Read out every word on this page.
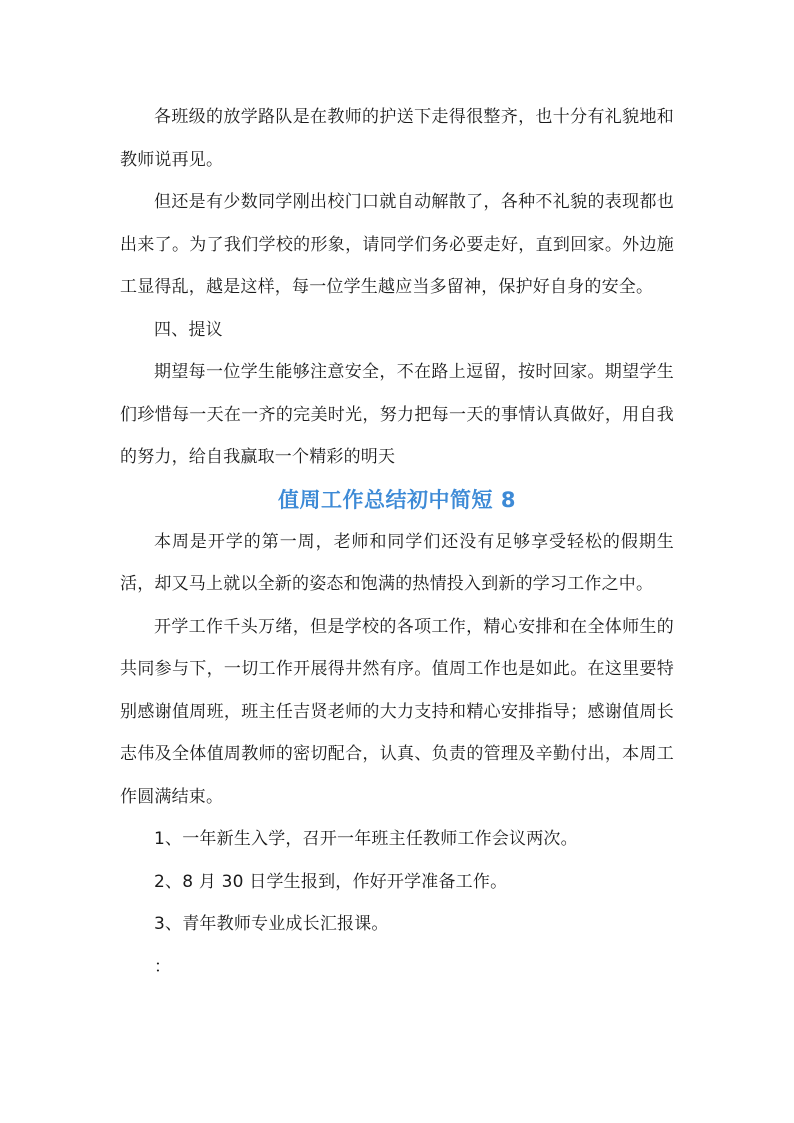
各班级的放学路队是在教师的护送下走得很整齐，也十分有礼貌地和教师说再见。

但还是有少数同学刚出校门口就自动解散了，各种不礼貌的表现都也出来了。为了我们学校的形象，请同学们务必要走好，直到回家。外边施工显得乱，越是这样，每一位学生越应当多留神，保护好自身的安全。

四、提议

期望每一位学生能够注意安全，不在路上逗留，按时回家。期望学生们珍惜每一天在一齐的完美时光，努力把每一天的事情认真做好，用自我的努力，给自我赢取一个精彩的明天

值周工作总结初中简短 8

本周是开学的第一周，老师和同学们还没有足够享受轻松的假期生活，却又马上就以全新的姿态和饱满的热情投入到新的学习工作之中。

开学工作千头万绪，但是学校的各项工作，精心安排和在全体师生的共同参与下，一切工作开展得井然有序。值周工作也是如此。在这里要特别感谢值周班，班主任吉贤老师的大力支持和精心安排指导；感谢值周长志伟及全体值周教师的密切配合，认真、负责的管理及辛勤付出，本周工作圆满结束。

1、一年新生入学，召开一年班主任教师工作会议两次。

2、8 月 30 日学生报到，作好开学准备工作。

3、青年教师专业成长汇报课。

：
